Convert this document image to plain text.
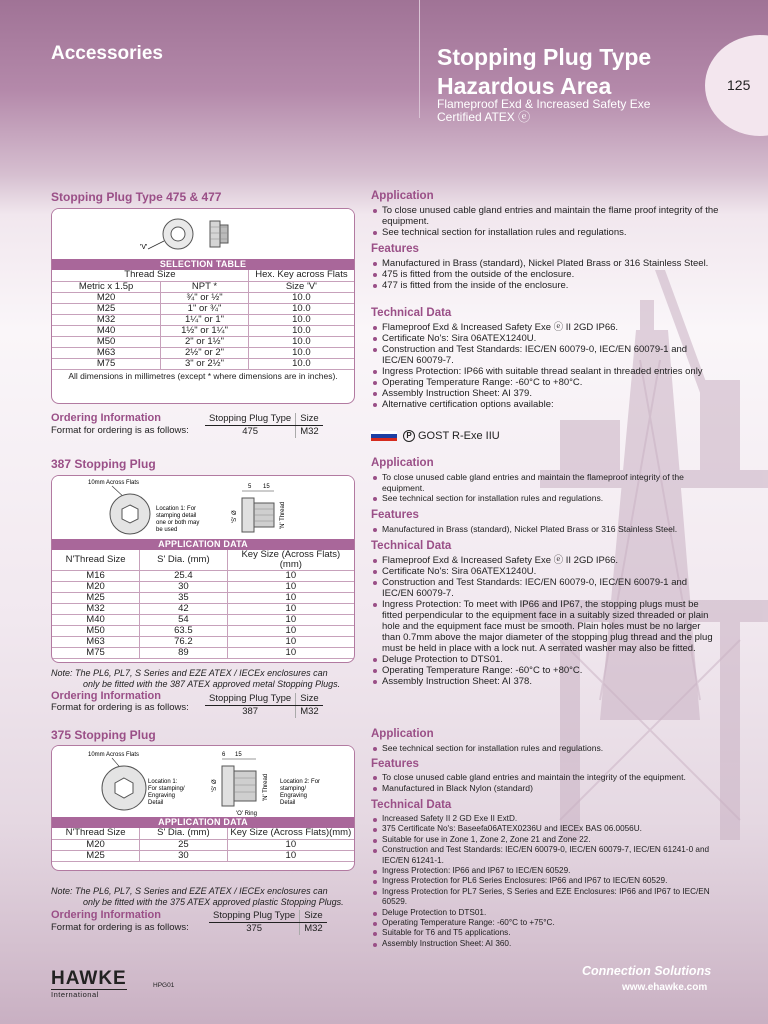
Accessories	Stopping Plug Type
Hazardous Area
Flameproof Exd & Increased Safety Exe
Certified ATEX ⓔ
125
Stopping Plug Type 475 & 477
'V'
SELECTION TABLE
Thread Size		Hex. Key across Flats
Metric x 1.5p	NPT *	Size 'V'
M20	¾" or ½"	10.0
M25	1" or ¾"	10.0
M32	1¼" or 1"	10.0
M40	1½" or 1¼"	10.0
M50	2" or 1½"	10.0
M63	2½" or 2"	10.0
M75	3" or 2½"	10.0
All dimensions in millimetres (except * where dimensions are in inches).
Ordering Information
Format for ordering is as follows:
Stopping Plug Type	Size
475	M32
387 Stopping Plug
10mm Across Flats
Location 1: For
stamping detail
one or both may
be used
5 15
'S' Ø	'N' Thread
APPLICATION DATA
N'Thread Size	S' Dia. (mm)	Key Size (Across Flats) (mm)
M16	25.4	10
M20	30	10
M25	35	10
M32	42	10
M40	54	10
M50	63.5	10
M63	76.2	10
M75	89	10
Note: The PL6, PL7, S Series and EZE ATEX / IECEx enclosures can
only be fitted with the 387 ATEX approved metal Stopping Plugs.
Ordering Information
Format for ordering is as follows:
Stopping Plug Type	Size
387	M32
375 Stopping Plug
10mm Across Flats
Location 1:
For stamping/
Engraving
Detail
6 15
'S' Ø	'N' Thread
'O' Ring
Location 2: For
stamping/
Engraving
Detail
APPLICATION DATA
N'Thread Size	S' Dia. (mm)	Key Size (Across Flats)(mm)
M20	25	10
M25	30	10
Note: The PL6, PL7, S Series and EZE ATEX / IECEx enclosures can
only be fitted with the 375 ATEX approved plastic Stopping Plugs.
Ordering Information
Format for ordering is as follows:
Stopping Plug Type	Size
375	M32
Application
To close unused cable gland entries and maintain the flame proof integrity of the equipment.
See technical section for installation rules and regulations.
Features
Manufactured in Brass (standard), Nickel Plated Brass or 316 Stainless Steel.
475 is fitted from the outside of the enclosure.
477 is fitted from the inside of the enclosure.
Technical Data
Flameproof Exd & Increased Safety Exe ⓔ II 2GD IP66.
Certificate No's: Sira 06ATEX1240U.
Construction and Test Standards: IEC/EN 60079-0, IEC/EN 60079-1 and IEC/EN 60079-7.
Ingress Protection: IP66 with suitable thread sealant in threaded entries only
Operating Temperature Range: -60°C to +80°C.
Assembly Instruction Sheet: AI 379.
Alternative certification options available:
Р GOST R-Exe IIU
Application
To close unused cable gland entries and maintain the flameproof integrity of the equipment.
See technical section for installation rules and regulations.
Features
Manufactured in Brass (standard), Nickel Plated Brass or 316 Stainless Steel.
Technical Data
Flameproof Exd & Increased Safety Exe ⓔ II 2GD IP66.
Certificate No's: Sira 06ATEX1240U.
Construction and Test Standards: IEC/EN 60079-0, IEC/EN 60079-1 and IEC/EN 60079-7.
Ingress Protection: To meet with IP66 and IP67, the stopping plugs must be fitted perpendicular to the equipment face in a suitably sized threaded or plain hole and the equipment face must be smooth. Plain holes must be no larger than 0.7mm above the major diameter of the stopping plug thread and the plug must be held in place with a lock nut. A serrated washer may also be fitted.
Deluge Protection to DTS01.
Operating Temperature Range: -60°C to +80°C.
Assembly Instruction Sheet: AI 378.
Application
See technical section for installation rules and regulations.
Features
To close unused cable gland entries and maintain the integrity of the equipment.
Manufactured in Black Nylon (standard)
Technical Data
Increased Safety II 2 GD Exe II ExtD.
375 Certificate No's: Baseefa06ATEX0236U and IECEx BAS 06.0056U.
Suitable for use in Zone 1, Zone 2, Zone 21 and Zone 22.
Construction and Test Standards: IEC/EN 60079-0, IEC/EN 60079-7, IEC/EN 61241-0 and IEC/EN 61241-1.
Ingress Protection: IP66 and IP67 to IEC/EN 60529.
Ingress Protection for PL6 Series Enclosures: IP66 and IP67 to IEC/EN 60529.
Ingress Protection for PL7 Series, S Series and EZE Enclosures: IP66 and IP67 to IEC/EN 60529.
Deluge Protection to DTS01.
Operating Temperature Range: -60°C to +75°C.
Suitable for T6 and T5 applications.
Assembly Instruction Sheet: AI 360.
HAWKE
International
HPG01
Connection Solutions
www.ehawke.com
